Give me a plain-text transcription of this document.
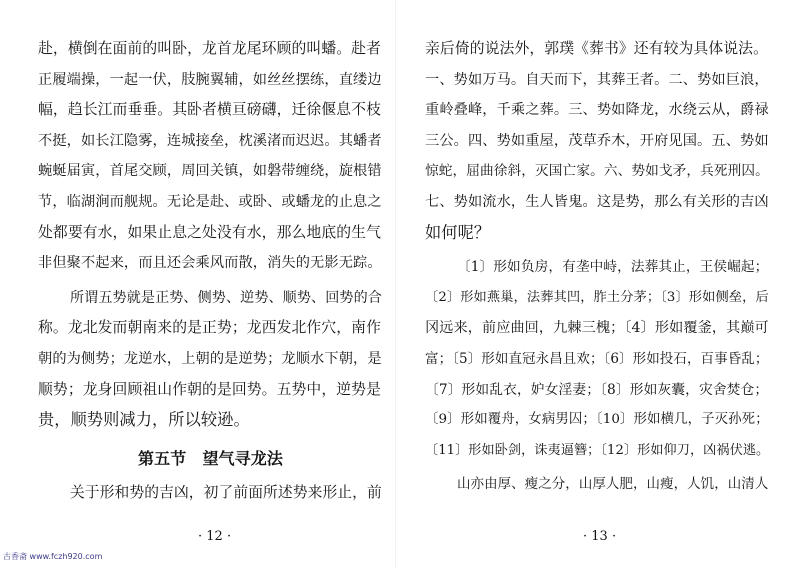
赴，横倒在面前的叫卧，龙首龙尾环顾的叫蟠。赴者
正履端操，一起一伏，肢腕翼辅，如丝丝摆练，直缕边
幅，趋长江而垂垂。其卧者横亘磅礴，迁徐偃息不枝
不挺，如长江隐雾，连城接垒，枕溪渚而迟迟。其蟠者
蜿蜒届寅，首尾交顾，周回关镇，如磐带缠绕，旋根错
节，临湖涧而舰规。无论是赴、或卧、或蟠龙的止息之
处都要有水，如果止息之处没有水，那么地底的生气
非但聚不起来，而且还会乘风而散，消失的无影无踪。
所谓五势就是正势、侧势、逆势、顺势、回势的合
称。龙北发而朝南来的是正势；龙西发北作穴，南作
朝的为侧势；龙逆水，上朝的是逆势；龙顺水下朝，是
顺势；龙身回顾祖山作朝的是回势。五势中，逆势是
贵，顺势则减力，所以较逊。
第五节　望气寻龙法
关于形和势的吉凶，初了前面所述势来形止，前
· 12 ·
亲后倚的说法外，郭璞《葬书》还有较为具体说法。
一、势如万马。自天而下，其葬王者。二、势如巨浪，
重岭叠峰，千乘之葬。三、势如降龙，水绕云从，爵禄
三公。四、势如重屋，茂草乔木，开府见国。五、势如
惊蛇，屈曲徐斜，灭国亡家。六、势如戈矛，兵死刑囚。
七、势如流水，生人皆鬼。这是势，那么有关形的吉凶
如何呢？
〔1〕形如负房，有垄中峙，法葬其止，王侯崛起；
〔2〕形如燕巢，法葬其凹，胙土分茅；〔3〕形如侧垒，后
冈远来，前应曲回，九棘三槐；〔4〕形如覆釜，其巅可
富；〔5〕形如直冠永昌且欢；〔6〕形如投石，百事昏乱；
〔7〕形如乱衣，妒女淫妻；〔8〕形如灰囊，灾舍焚仓；
〔9〕形如覆舟，女病男囚；〔10〕形如横几，子灭孙死；
〔11〕形如卧剑，诛夷逼簪；〔12〕形如仰刀，凶祸伏逃。
山亦由厚、瘦之分，山厚人肥，山瘦，人饥，山清人
· 13 ·
古香斋 www.fczh920.com
